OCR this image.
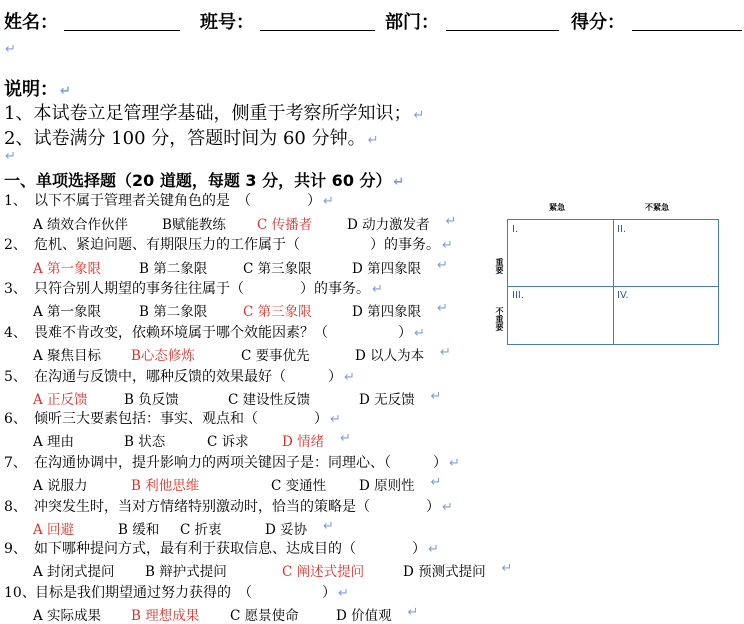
姓名：	班号：	部门：	得分：
↵
说明： ↵
1、本试卷立足管理学基础，侧重于考察所学知识； ↵
2、试卷满分 100 分，答题时间为 60 分钟。 ↵
↵
一、单项选择题（20 道题，每题 3 分，共计 60 分） ↵
1、 以下不属于管理者关键角色的是　（　　　　） ↵
A 绩效合作伙伴	B赋能教练 C 传播者	D 动力激发者 ↵
2、 危机、紧迫问题、有期限压力的工作属于（　　　　　）的事务。 ↵
A 第一象限	B 第二象限	C 第三象限	D 第四象限 ↵
3、 只符合别人期望的事务往往属于（　　　　）的事务。 ↵
A 第一象限	B 第二象限	C 第三象限	D 第四象限 ↵
4、 畏难不肯改变，依赖环境属于哪个效能因素？（　　　　　） ↵
A 聚焦目标 B心态修炼	C 要事优先	D 以人为本 ↵
5、 在沟通与反馈中，哪种反馈的效果最好（　　　） ↵
A 正反馈	B 负反馈	C 建设性反馈	D 无反馈 ↵
6、 倾听三大要素包括：事实、观点和（　　　　） ↵
A 理由	B 状态	C 诉求 D 情绪 ↵
7、 在沟通协调中，提升影响力的两项关键因子是：同理心、（　　　） ↵
A 说服力	B 利他思维	C 变通性 D 原则性 ↵
8、 冲突发生时，当对方情绪特别激动时，恰当的策略是（　　　　） ↵
A 回避	B 缓和 C 折衷	D 妥协 ↵
9、 如下哪种提问方式，最有利于获取信息、达成目的（　　　　） ↵
A 封闭式提问 B 辩护式提问	C 阐述式提问	D 预测式提问 ↵
10、目标是我们期望通过努力获得的　（　　　　　） ↵
A 实际成果 B 理想成果 C 愿景使命	D 价值观 ↵
紧急	不紧急
重要
不重要
I.	II.
III.	IV.
